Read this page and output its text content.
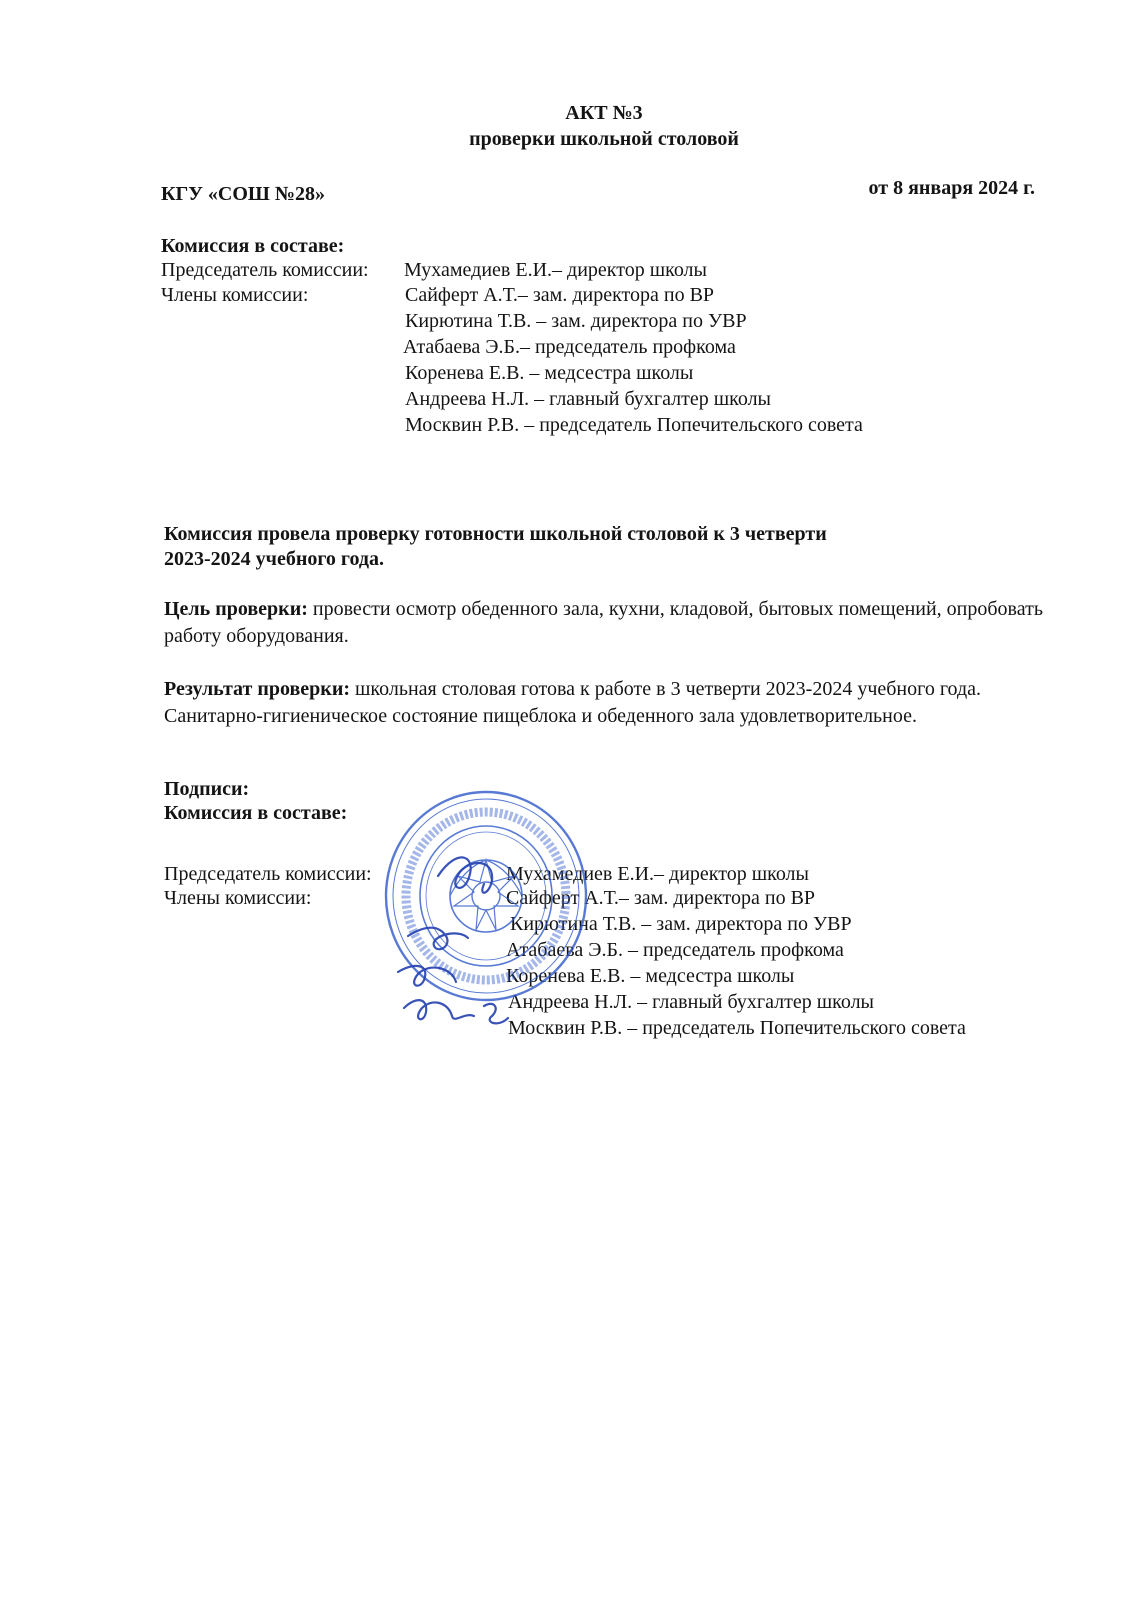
АКТ №3
проверки школьной столовой
КГУ «СОШ №28»	от 8 января 2024 г.
Комиссия в составе:
Председатель комиссии: Мухамедиев Е.И.– директор школы
Члены комиссии:	Сайферт А.Т.– зам. директора по ВР
Кирютина Т.В. – зам. директора по УВР
Атабаева Э.Б.– председатель профкома
Коренева Е.В. – медсестра школы
Андреева Н.Л. – главный бухгалтер школы
Москвин Р.В. – председатель Попечительского совета
Комиссия провела проверку готовности школьной столовой к 3 четверти
2023-2024 учебного года.
Цель проверки: провести осмотр обеденного зала, кухни, кладовой, бытовых помещений, опробовать работу оборудования.
Результат проверки: школьная столовая готова к работе в 3 четверти 2023-2024 учебного года. Санитарно-гигиеническое состояние пищеблока и обеденного зала удовлетворительное.
Подписи:
Комиссия в составе:
Председатель комиссии:	Мухамедиев Е.И.– директор школы
Члены комиссии:	Сайферт А.Т.– зам. директора по ВР
Кирютина Т.В. – зам. директора по УВР
Атабаева Э.Б. – председатель профкома
Коренева Е.В. – медсестра школы
Андреева Н.Л. – главный бухгалтер школы
Москвин Р.В. – председатель Попечительского совета
